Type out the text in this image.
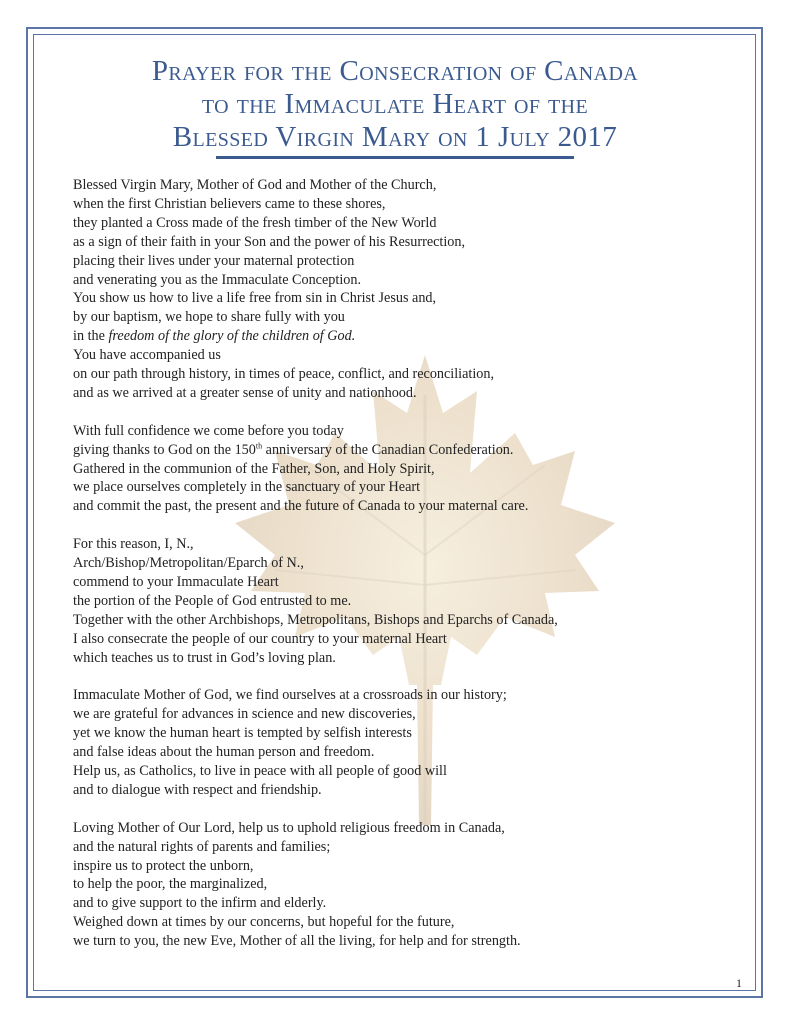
Prayer for the Consecration of Canada
to the Immaculate Heart of the
Blessed Virgin Mary on 1 July 2017
Blessed Virgin Mary, Mother of God and Mother of the Church,
when the first Christian believers came to these shores,
they planted a Cross made of the fresh timber of the New World
as a sign of their faith in your Son and the power of his Resurrection,
placing their lives under your maternal protection
and venerating you as the Immaculate Conception.
You show us how to live a life free from sin in Christ Jesus and,
by our baptism, we hope to share fully with you
in the freedom of the glory of the children of God.
You have accompanied us
on our path through history, in times of peace, conflict, and reconciliation,
and as we arrived at a greater sense of unity and nationhood.
With full confidence we come before you today
giving thanks to God on the 150th anniversary of the Canadian Confederation.
Gathered in the communion of the Father, Son, and Holy Spirit,
we place ourselves completely in the sanctuary of your Heart
and commit the past, the present and the future of Canada to your maternal care.
For this reason, I, N.,
Arch/Bishop/Metropolitan/Eparch of N.,
commend to your Immaculate Heart
the portion of the People of God entrusted to me.
Together with the other Archbishops, Metropolitans, Bishops and Eparchs of Canada,
I also consecrate the people of our country to your maternal Heart
which teaches us to trust in God’s loving plan.
Immaculate Mother of God, we find ourselves at a crossroads in our history;
we are grateful for advances in science and new discoveries,
yet we know the human heart is tempted by selfish interests
and false ideas about the human person and freedom.
Help us, as Catholics, to live in peace with all people of good will
and to dialogue with respect and friendship.
Loving Mother of Our Lord, help us to uphold religious freedom in Canada,
and the natural rights of parents and families;
inspire us to protect the unborn,
to help the poor, the marginalized,
and to give support to the infirm and elderly.
Weighed down at times by our concerns, but hopeful for the future,
we turn to you, the new Eve, Mother of all the living, for help and for strength.
1
